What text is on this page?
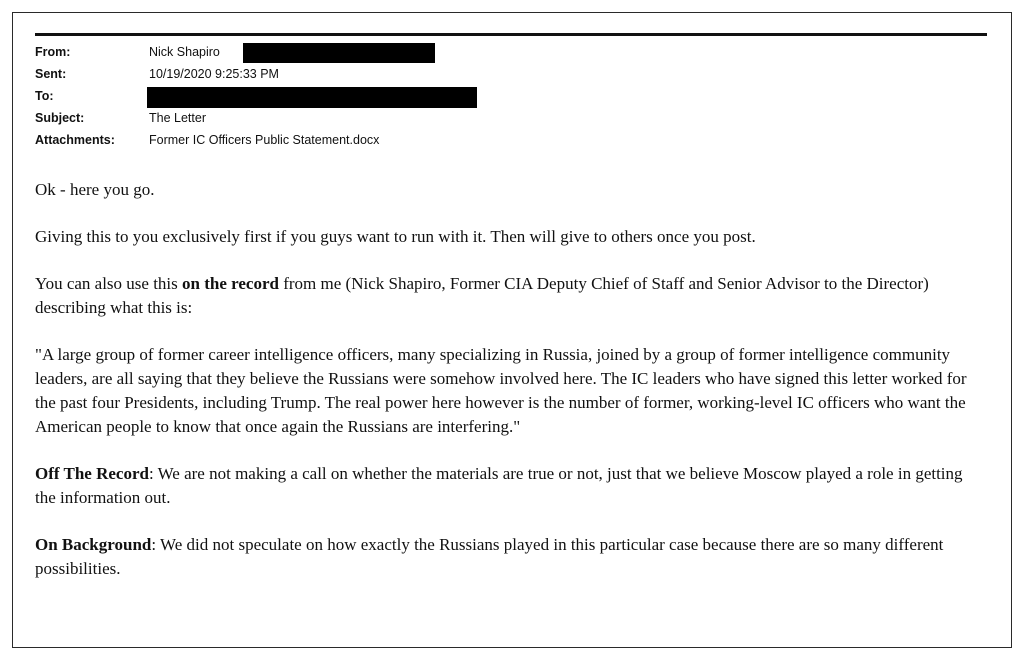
From:	Nick Shapiro
Sent:	10/19/2020 9:25:33 PM
To:
Subject:	The Letter
Attachments:	Former IC Officers Public Statement.docx

Ok - here you go.

Giving this to you exclusively first if you guys want to run with it. Then will give to others once you post.

You can also use this on the record from me (Nick Shapiro, Former CIA Deputy Chief of Staff and Senior Advisor to the Director) describing what this is:

"A large group of former career intelligence officers, many specializing in Russia, joined by a group of former intelligence community leaders, are all saying that they believe the Russians were somehow involved here. The IC leaders who have signed this letter worked for the past four Presidents, including Trump. The real power here however is the number of former, working-level IC officers who want the American people to know that once again the Russians are interfering."

Off The Record: We are not making a call on whether the materials are true or not, just that we believe Moscow played a role in getting the information out.

On Background: We did not speculate on how exactly the Russians played in this particular case because there are so many different possibilities.
